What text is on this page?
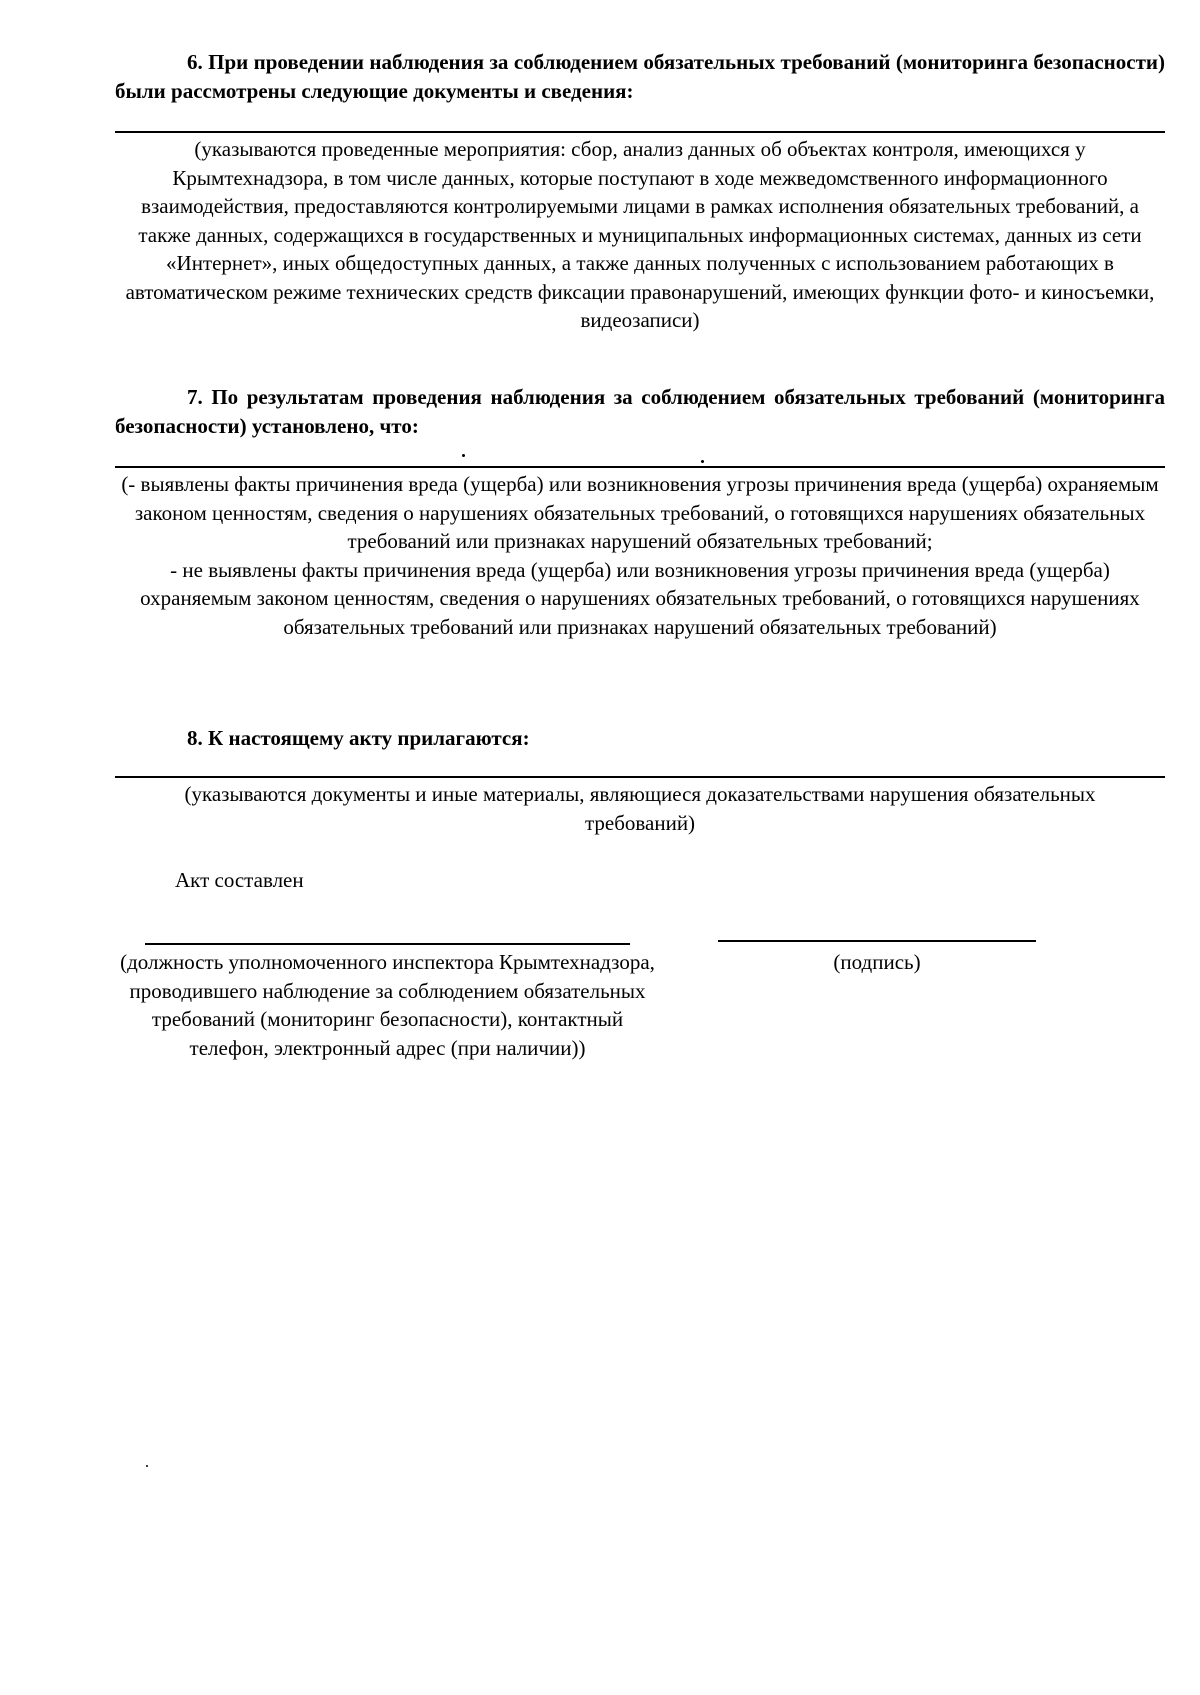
6. При проведении наблюдения за соблюдением обязательных требований (мониторинга безопасности) были рассмотрены следующие документы и сведения:

(указываются проведенные мероприятия: сбор, анализ данных об объектах контроля, имеющихся у Крымтехнадзора, в том числе данных, которые поступают в ходе межведомственного информационного взаимодействия, предоставляются контролируемыми лицами в рамках исполнения обязательных требований, а также данных, содержащихся в государственных и муниципальных информационных системах, данных из сети «Интернет», иных общедоступных данных, а также данных полученных с использованием работающих в автоматическом режиме технических средств фиксации правонарушений, имеющих функции фото- и киносъемки, видеозаписи)

7. По результатам проведения наблюдения за соблюдением обязательных требований (мониторинга безопасности) установлено, что:

(- выявлены факты причинения вреда (ущерба) или возникновения угрозы причинения вреда (ущерба) охраняемым законом ценностям, сведения о нарушениях обязательных требований, о готовящихся нарушениях обязательных требований или признаках нарушений обязательных требований;

- не выявлены факты причинения вреда (ущерба) или возникновения угрозы причинения вреда (ущерба) охраняемым законом ценностям, сведения о нарушениях обязательных требований, о готовящихся нарушениях обязательных требований или признаках нарушений обязательных требований)

8. К настоящему акту прилагаются:

(указываются документы и иные материалы, являющиеся доказательствами нарушения обязательных требований)

Акт составлен

(должность уполномоченного инспектора Крымтехнадзора, проводившего наблюдение за соблюдением обязательных требований (мониторинг безопасности), контактный телефон, электронный адрес (при наличии))

(подпись)
